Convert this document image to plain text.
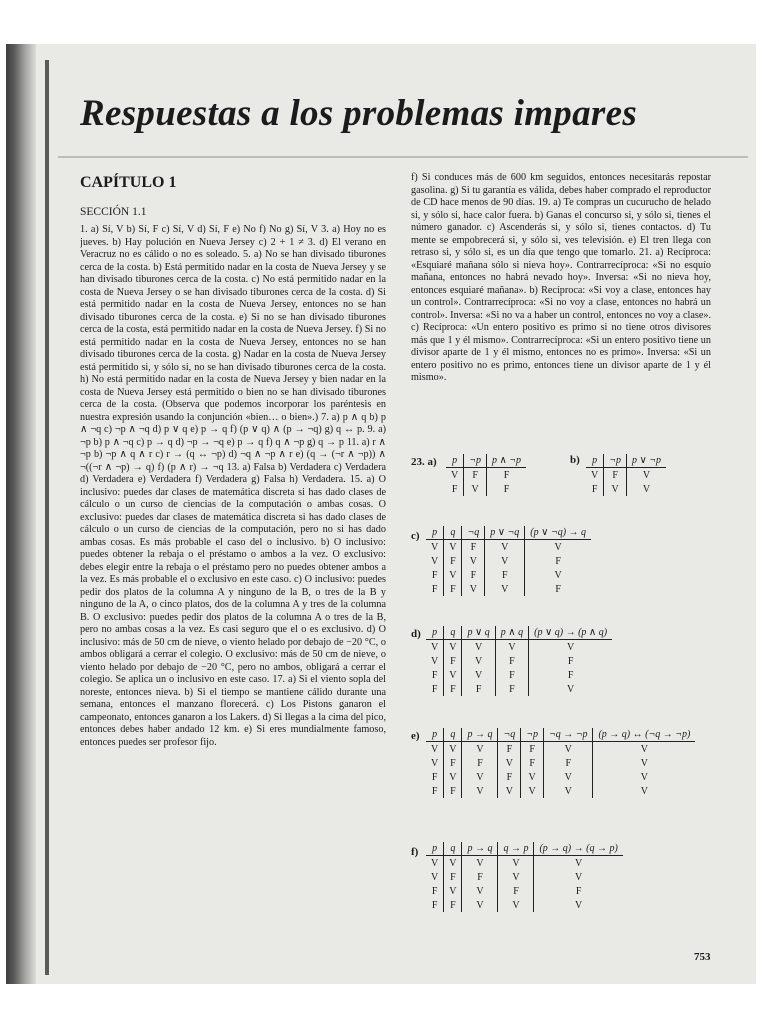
Respuestas a los problemas impares
CAPÍTULO 1
SECCIÓN 1.1
1. a) Sí, V b) Sí, F c) Sí, V d) Sí, F e) No f) No g) Sí, V 3. a) Hoy no es jueves. b) Hay polución en Nueva Jersey c) 2 + 1 ≠ 3. d) El verano en Veracruz no es cálido o no es soleado. 5. a) No se han divisado tiburones cerca de la costa. b) Está permitido nadar en la costa de Nueva Jersey y se han divisado tiburones cerca de la costa. c) No está permitido nadar en la costa de Nueva Jersey o se han divisado tiburones cerca de la costa. d) Si está permitido nadar en la costa de Nueva Jersey, entonces no se han divisado tiburones cerca de la costa. e) Si no se han divisado tiburones cerca de la costa, está permitido nadar en la costa de Nueva Jersey. f) Si no está permitido nadar en la costa de Nueva Jersey, entonces no se han divisado tiburones cerca de la costa. g) Nadar en la costa de Nueva Jersey está permitido si, y sólo si, no se han divisado tiburones cerca de la costa. h) No está permitido nadar en la costa de Nueva Jersey y bien nadar en la costa de Nueva Jersey está permitido o bien no se han divisado tiburones cerca de la costa. (Observa que podemos incorporar los paréntesis en nuestra expresión usando la conjunción «bien… o bien».) 7. a) p ∧ q b) p ∧ ¬q c) ¬p ∧ ¬q d) p ∨ q e) p → q f) (p ∨ q) ∧ (p → ¬q) g) q ↔ p. 9. a) ¬p b) p ∧ ¬q c) p → q d) ¬p → ¬q e) p → q f) q ∧ ¬p g) q → p 11. a) r ∧ ¬p b) ¬p ∧ q ∧ r c) r → (q ↔ ¬p) d) ¬q ∧ ¬p ∧ r e) (q → (¬r ∧ ¬p)) ∧ ¬((¬r ∧ ¬p) → q) f) (p ∧ r) → ¬q 13. a) Falsa b) Verdadera c) Verdadera d) Verdadera e) Verdadera f) Verdadera g) Falsa h) Verdadera. 15. a) O inclusivo: puedes dar clases de matemática discreta si has dado clases de cálculo o un curso de ciencias de la computación o ambas cosas. O exclusivo: puedes dar clases de matemática discreta si has dado clases de cálculo o un curso de ciencias de la computación, pero no si has dado ambas cosas. Es más probable el caso del o inclusivo. b) O inclusivo: puedes obtener la rebaja o el préstamo o ambos a la vez. O exclusivo: debes elegir entre la rebaja o el préstamo pero no puedes obtener ambos a la vez. Es más probable el o exclusivo en este caso. c) O inclusivo: puedes pedir dos platos de la columna A y ninguno de la B, o tres de la B y ninguno de la A, o cinco platos, dos de la columna A y tres de la columna B. O exclusivo: puedes pedir dos platos de la columna A o tres de la B, pero no ambas cosas a la vez. Es casi seguro que el o es exclusivo. d) O inclusivo: más de 50 cm de nieve, o viento helado por debajo de −20 °C, o ambos obligará a cerrar el colegio. O exclusivo: más de 50 cm de nieve, o viento helado por debajo de −20 °C, pero no ambos, obligará a cerrar el colegio. Se aplica un o inclusivo en este caso. 17. a) Si el viento sopla del noreste, entonces nieva. b) Si el tiempo se mantiene cálido durante una semana, entonces el manzano florecerá. c) Los Pistons ganaron el campeonato, entonces ganaron a los Lakers. d) Si llegas a la cima del pico, entonces debes haber andado 12 km. e) Si eres mundialmente famoso, entonces puedes ser profesor fijo.
f) Si conduces más de 600 km seguidos, entonces necesitarás repostar gasolina. g) Si tu garantía es válida, debes haber comprado el reproductor de CD hace menos de 90 días. 19. a) Te compras un cucurucho de helado si, y sólo si, hace calor fuera. b) Ganas el concurso si, y sólo si, tienes el número ganador. c) Ascenderás si, y sólo si, tienes contactos. d) Tu mente se empobrecerá si, y sólo si, ves televisión. e) El tren llega con retraso si, y sólo si, es un día que tengo que tomarlo. 21. a) Recíproca: «Esquiaré mañana sólo si nieva hoy». Contrarrecíproca: «Si no esquío mañana, entonces no habrá nevado hoy». Inversa: «Si no nieva hoy, entonces esquiaré mañana». b) Recíproca: «Si voy a clase, entonces hay un control». Contrarrecíproca: «Si no voy a clase, entonces no habrá un control». Inversa: «Si no va a haber un control, entonces no voy a clase». c) Recíproca: «Un entero positivo es primo si no tiene otros divisores más que 1 y él mismo». Contrarrecíproca: «Si un entero positivo tiene un divisor aparte de 1 y él mismo, entonces no es primo». Inversa: «Si un entero positivo no es primo, entonces tiene un divisor aparte de 1 y él mismo».
23. a) p	¬p	p ∧ ¬p
V	F	F
F	V	F
b) p	¬p	p ∨ ¬p
V	F	V
F	V	V
c) p	q	¬q	p ∨ ¬q	(p ∨ ¬q) → q
V	V	F	V	V
V	F	V	V	F
F	V	F	F	V
F	F	V	V	F
d) p	q	p ∨ q	p ∧ q	(p ∨ q) → (p ∧ q)
V	V	V	V	V
V	F	V	F	F
F	V	V	F	F
F	F	F	F	V
e) p	q	p → q	¬q	¬p	¬q → ¬p	(p → q) ↔ (¬q → ¬p)
V	V	V	F	F	V	V
V	F	F	V	F	F	V
F	V	V	F	V	V	V
F	F	V	V	V	V	V
f) p	q	p → q	q → p	(p → q) → (q → p)
V	V	V	V	V
V	F	F	V	V
F	V	V	F	F
F	F	V	V	V
753
